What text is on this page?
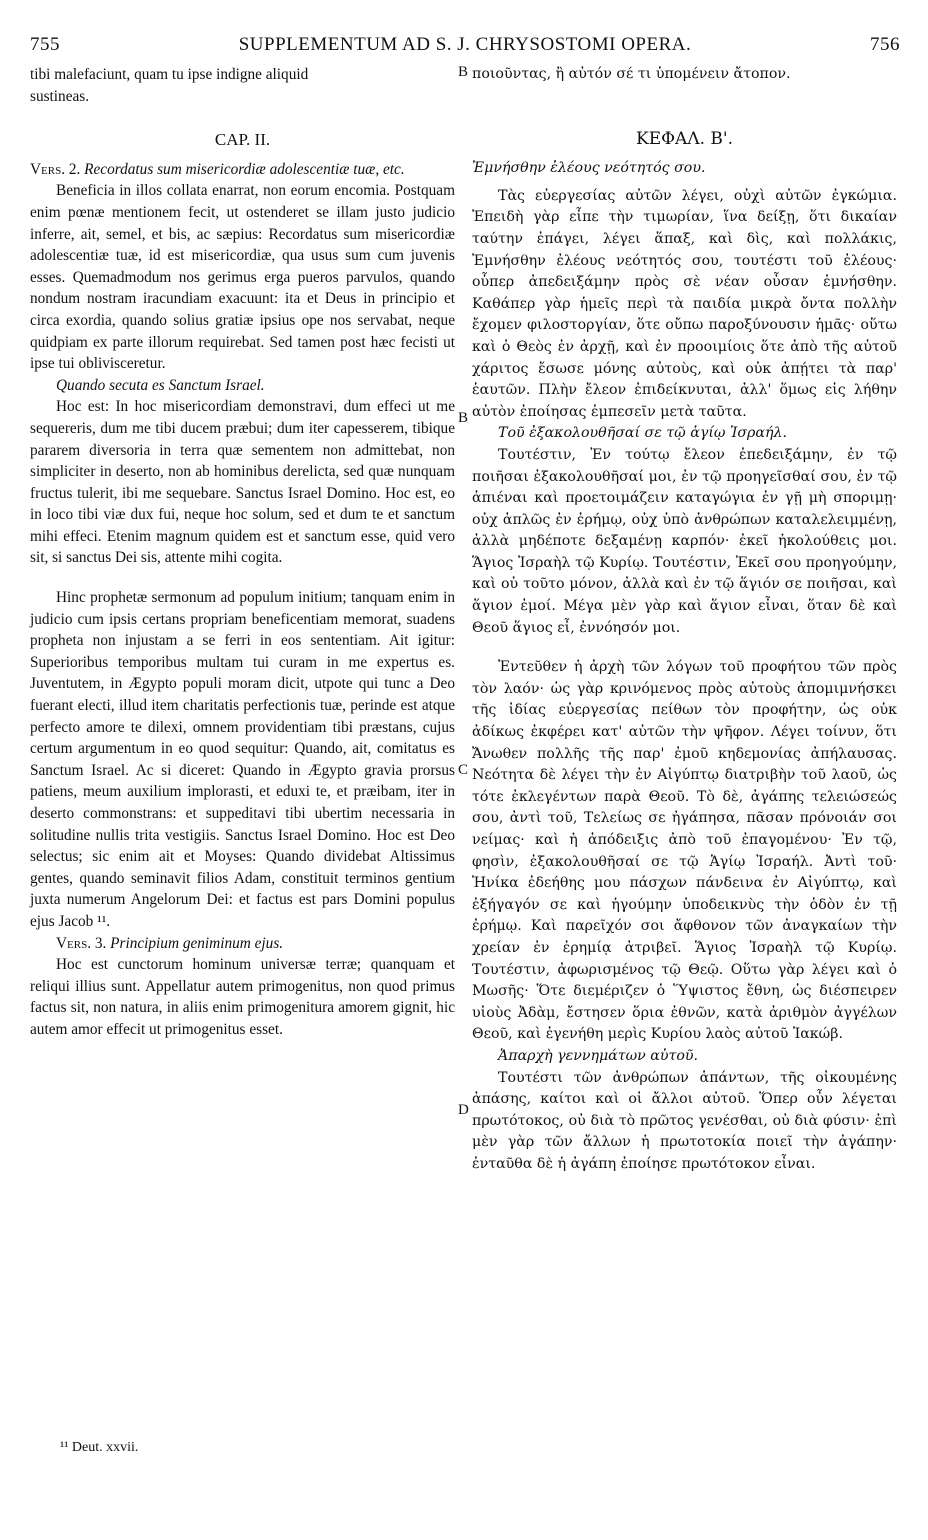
755	SUPPLEMENTUM AD S. J. CHRYSOSTOMI OPERA.	756
B
B
C
D

tibi malefaciunt, quam tu ipse indigne aliquid

sustineas.

CAP. II.

Vers. 2. Recordatus sum misericordiæ adolescentiæ tuæ, etc.

Beneficia in illos collata enarrat, non eorum encomia. Postquam enim pœnæ mentionem fecit, ut ostenderet se illam justo judicio inferre, ait, semel, et bis, ac sæpius: Recordatus sum misericordiæ adolescentiæ tuæ, id est misericordiæ, qua usus sum cum juvenis esses. Quemadmodum nos gerimus erga pueros parvulos, quando nondum nostram iracundiam exacuunt: ita et Deus in principio et circa exordia, quando solius gratiæ ipsius ope nos servabat, neque quidpiam ex parte illorum requirebat. Sed tamen post hæc fecisti ut ipse tui oblivisceretur.

Quando secuta es Sanctum Israel.

Hoc est: In hoc misericordiam demonstravi, dum effeci ut me sequereris, dum me tibi ducem præbui; dum iter capesserem, tibique pararem diversoria in terra quæ sementem non admittebat, non simpliciter in deserto, non ab hominibus derelicta, sed quæ nunquam fructus tulerit, ibi me sequebare. Sanctus Israel Domino. Hoc est, eo in loco tibi viæ dux fui, neque hoc solum, sed et dum te et sanctum mihi effeci. Etenim magnum quidem est et sanctum esse, quid vero sit, si sanctus Dei sis, attente mihi cogita.

Hinc prophetæ sermonum ad populum initium; tanquam enim in judicio cum ipsis certans propriam beneficentiam memorat, suadens propheta non injustam a se ferri in eos sententiam. Ait igitur: Superioribus temporibus multam tui curam in me expertus es. Juventutem, in Ægypto populi moram dicit, utpote qui tunc a Deo fuerant electi, illud item charitatis perfectionis tuæ, perinde est atque perfecto amore te dilexi, omnem providentiam tibi præstans, cujus certum argumentum in eo quod sequitur: Quando, ait, comitatus es Sanctum Israel. Ac si diceret: Quando in Ægypto gravia prorsus patiens, meum auxilium implorasti, et eduxi te, et præibam, iter in deserto commonstrans: et suppeditavi tibi ubertim necessaria in solitudine nullis trita vestigiis. Sanctus Israel Domino. Hoc est Deo selectus; sic enim ait et Moyses: Quando dividebat Altissimus gentes, quando seminavit filios Adam, constituit terminos gentium juxta numerum Angelorum Dei: et factus est pars Domini populus ejus Jacob ¹¹.

Vers. 3. Principium geniminum ejus.

Hoc est cunctorum hominum universæ terræ; quanquam et reliqui illius sunt. Appellatur autem primogenitus, non quod primus factus sit, non natura, in aliis enim primogenitura amorem gignit, hic autem amor effecit ut primogenitus esset.

ποιοῦντας, ἢ αὐτόν σέ τι ὑπομένειν ἄτοπον.

ΚΕΦΑΛ. Β'.

Ἐμνήσθην ἐλέους νεότητός σου.

Τὰς εὐεργεσίας αὐτῶν λέγει, οὐχὶ αὐτῶν ἐγκώμια. Ἐπειδὴ γὰρ εἶπε τὴν τιμωρίαν, ἵνα δείξῃ, ὅτι δικαίαν ταύτην ἐπάγει, λέγει ἅπαξ, καὶ δὶς, καὶ πολλάκις, Ἐμνήσθην ἐλέους νεότητός σου, τουτέστι τοῦ ἐλέους· οὗπερ ἀπεδειξάμην πρὸς σὲ νέαν οὖσαν ἐμνήσθην. Καθάπερ γὰρ ἡμεῖς περὶ τὰ παιδία μικρὰ ὄντα πολλὴν ἔχομεν φιλοστοργίαν, ὅτε οὔπω παροξύνουσιν ἡμᾶς· οὕτω καὶ ὁ Θεὸς ἐν ἀρχῇ, καὶ ἐν προοιμίοις ὅτε ἀπὸ τῆς αὐτοῦ χάριτος ἔσωσε μόνης αὐτοὺς, καὶ οὐκ ἀπῄτει τὰ παρ' ἑαυτῶν. Πλὴν ἔλεον ἐπιδείκνυται, ἀλλ' ὅμως εἰς λήθην αὐτὸν ἐποίησας ἐμπεσεῖν μετὰ ταῦτα.

Τοῦ ἐξακολουθῆσαί σε τῷ ἁγίῳ Ἰσραήλ.

Τουτέστιν, Ἐν τούτῳ ἔλεον ἐπεδειξάμην, ἐν τῷ ποιῆσαι ἐξακολουθῆσαί μοι, ἐν τῷ προηγεῖσθαί σου, ἐν τῷ ἀπιέναι καὶ προετοιμάζειν καταγώγια ἐν γῇ μὴ σποριμῃ· οὐχ ἁπλῶς ἐν ἐρήμῳ, οὐχ ὑπὸ ἀνθρώπων καταλελειμμένῃ, ἀλλὰ μηδέποτε δεξαμένῃ καρπόν· ἐκεῖ ἠκολούθεις μοι. Ἅγιος Ἰσραὴλ τῷ Κυρίῳ. Τουτέστιν, Ἐκεῖ σου προηγούμην, καὶ οὐ τοῦτο μόνον, ἀλλὰ καὶ ἐν τῷ ἅγιόν σε ποιῆσαι, καὶ ἅγιον ἐμοί. Μέγα μὲν γὰρ καὶ ἅγιον εἶναι, ὅταν δὲ καὶ Θεοῦ ἅγιος εἶ, ἐννόησόν μοι.

Ἐντεῦθεν ἡ ἀρχὴ τῶν λόγων τοῦ προφήτου τῶν πρὸς τὸν λαόν· ὡς γὰρ κρινόμενος πρὸς αὐτοὺς ἀπομιμνήσκει τῆς ἰδίας εὐεργεσίας πείθων τὸν προφήτην, ὡς οὐκ ἀδίκως ἐκφέρει κατ' αὐτῶν τὴν ψῆφον. Λέγει τοίνυν, ὅτι Ἄνωθεν πολλῆς τῆς παρ' ἐμοῦ κηδεμονίας ἀπήλαυσας. Νεότητα δὲ λέγει τὴν ἐν Αἰγύπτῳ διατριβὴν τοῦ λαοῦ, ὡς τότε ἐκλεγέντων παρὰ Θεοῦ. Τὸ δὲ, ἀγάπης τελειώσεώς σου, ἀντὶ τοῦ, Τελείως σε ἠγάπησα, πᾶσαν πρόνοιάν σοι νείμας· καὶ ἡ ἀπόδειξις ἀπὸ τοῦ ἐπαγομένου· Ἐν τῷ, φησὶν, ἐξακολουθῆσαί σε τῷ Ἁγίῳ Ἰσραήλ. Ἀντὶ τοῦ· Ἡνίκα ἐδεήθης μου πάσχων πάνδεινα ἐν Αἰγύπτῳ, καὶ ἐξήγαγόν σε καὶ ἡγούμην ὑποδεικνὺς τὴν ὁδὸν ἐν τῇ ἐρήμῳ. Καὶ παρεῖχόν σοι ἄφθονον τῶν ἀναγκαίων τὴν χρείαν ἐν ἐρημίᾳ ἀτριβεῖ. Ἅγιος Ἰσραὴλ τῷ Κυρίῳ. Τουτέστιν, ἀφωρισμένος τῷ Θεῷ. Οὕτω γὰρ λέγει καὶ ὁ Μωσῆς· Ὅτε διεμέριζεν ὁ Ὕψιστος ἔθνη, ὡς διέσπειρεν υἱοὺς Ἀδὰμ, ἔστησεν ὅρια ἐθνῶν, κατὰ ἀριθμὸν ἀγγέλων Θεοῦ, καὶ ἐγενήθη μερὶς Κυρίου λαὸς αὐτοῦ Ἰακώβ.

Ἀπαρχὴ γεννημάτων αὐτοῦ.

Τουτέστι τῶν ἀνθρώπων ἁπάντων, τῆς οἰκουμένης ἁπάσης, καίτοι καὶ οἱ ἄλλοι αὐτοῦ. Ὅπερ οὖν λέγεται πρωτότοκος, οὐ διὰ τὸ πρῶτος γενέσθαι, οὐ διὰ φύσιν· ἐπὶ μὲν γὰρ τῶν ἄλλων ἡ πρωτοτοκία ποιεῖ τὴν ἀγάπην· ἐνταῦθα δὲ ἡ ἀγάπη ἐποίησε πρωτότοκον εἶναι.

¹¹ Deut. xxvii.
